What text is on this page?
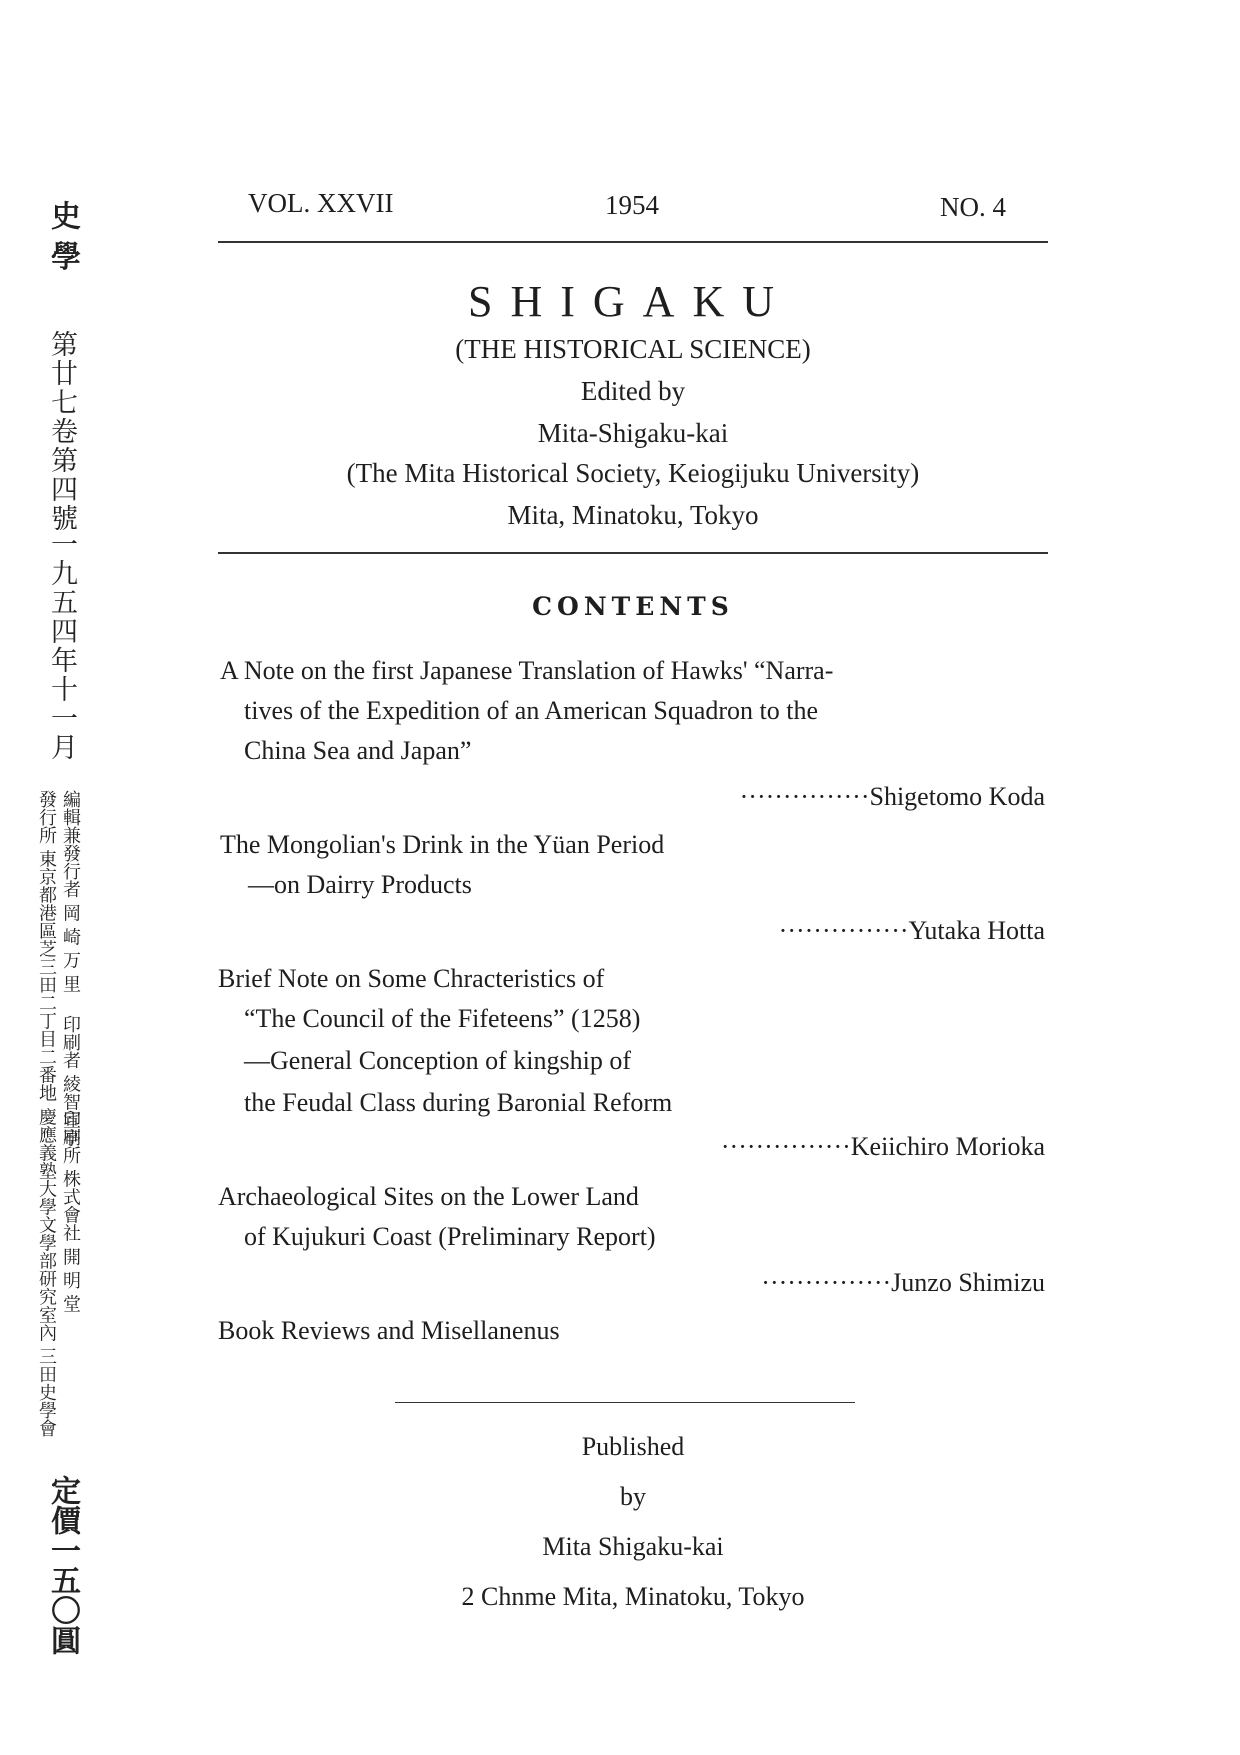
史 學
第廿七卷第四號
一九五四年十一月
編輯兼發行者 岡 崎 万 里
印刷者 綾智宣亭
印刷所 株式會社 開 明 堂
發行所 東京都港區芝三田二丁目二番地 慶應義塾大學文學部研究室內 三田史學會
定價一五〇圓
VOL. XXVII	1954	NO. 4
SHIGAKU
(THE HISTORICAL SCIENCE)
Edited by
Mita-Shigaku-kai
(The Mita Historical Society, Keiogijuku University)
Mita, Minatoku, Tokyo
CONTENTS
A Note on the first Japanese Translation of Hawks' “Narra-
tives of the Expedition of an American Squadron to the
China Sea and Japan”
···············Shigetomo Koda
The Mongolian's Drink in the Yüan Period
—on Dairry Products
···············Yutaka Hotta
Brief Note on Some Chracteristics of
“The Council of the Fifeteens” (1258)
—General Conception of kingship of
the Feudal Class during Baronial Reform
···············Keiichiro Morioka
Archaeological Sites on the Lower Land
of Kujukuri Coast (Preliminary Report)
···············Junzo Shimizu
Book Reviews and Misellanenus
Published
by
Mita Shigaku-kai
2 Chnme Mita, Minatoku, Tokyo
